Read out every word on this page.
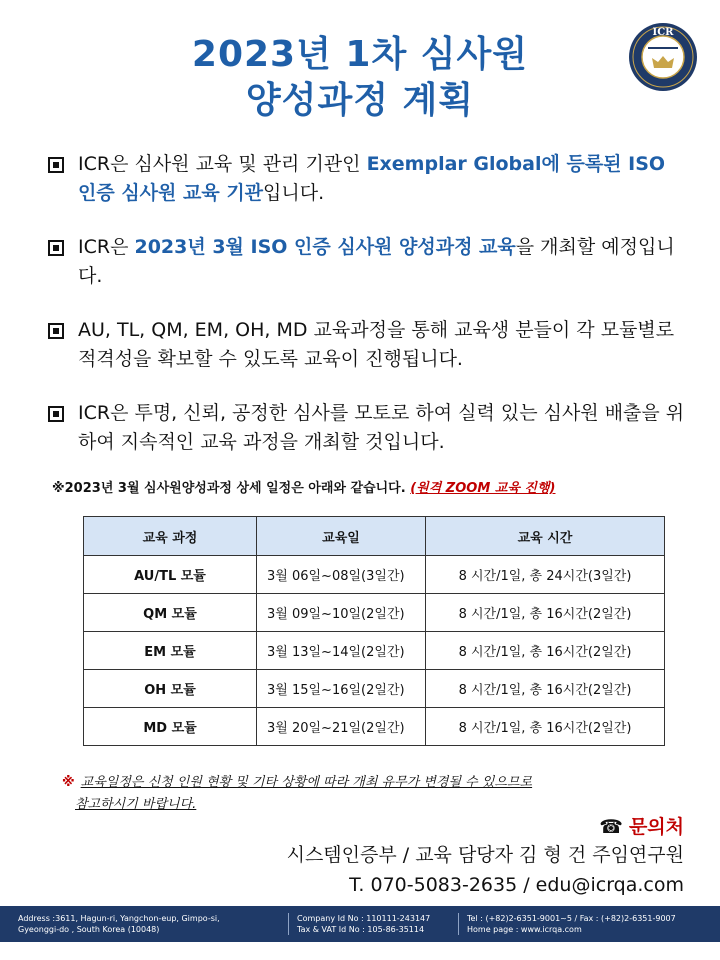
2023년 1차 심사원
양성과정 계획
ICR
ICR은 심사원 교육 및 관리 기관인 Exemplar Global에 등록된 ISO 인증 심사원 교육 기관입니다.
ICR은 2023년 3월 ISO 인증 심사원 양성과정 교육을 개최할 예정입니다.
AU, TL, QM, EM, OH, MD 교육과정을 통해 교육생 분들이 각 모듈별로 적격성을 확보할 수 있도록 교육이 진행됩니다.
ICR은 투명, 신뢰, 공정한 심사를 모토로 하여 실력 있는 심사원 배출을 위하여 지속적인 교육 과정을 개최할 것입니다.
※2023년 3월 심사원양성과정 상세 일정은 아래와 같습니다. (원격 ZOOM 교육 진행)
교육 과정	교육일	교육 시간
AU/TL 모듈	3월 06일~08일(3일간)	8 시간/1일, 총 24시간(3일간)
QM 모듈	3월 09일~10일(2일간)	8 시간/1일, 총 16시간(2일간)
EM 모듈	3월 13일~14일(2일간)	8 시간/1일, 총 16시간(2일간)
OH 모듈	3월 15일~16일(2일간)	8 시간/1일, 총 16시간(2일간)
MD 모듈	3월 20일~21일(2일간)	8 시간/1일, 총 16시간(2일간)
※ 교육일정은 신청 인원 현황 및 기타 상황에 따라 개최 유무가 변경될 수 있으므로
참고하시기 바랍니다.
☎ 문의처
시스템인증부 / 교육 담당자 김 형 건 주임연구원
T. 070-5083-2635 / edu@icrqa.com
Address :3611, Hagun-ri, Yangchon-eup, Gimpo-si,
Gyeonggi-do , South Korea (10048)
Company Id No : 110111-243147
Tax & VAT Id No : 105-86-35114
Tel : (+82)2-6351-9001~5 / Fax : (+82)2-6351-9007
Home page : www.icrqa.com
